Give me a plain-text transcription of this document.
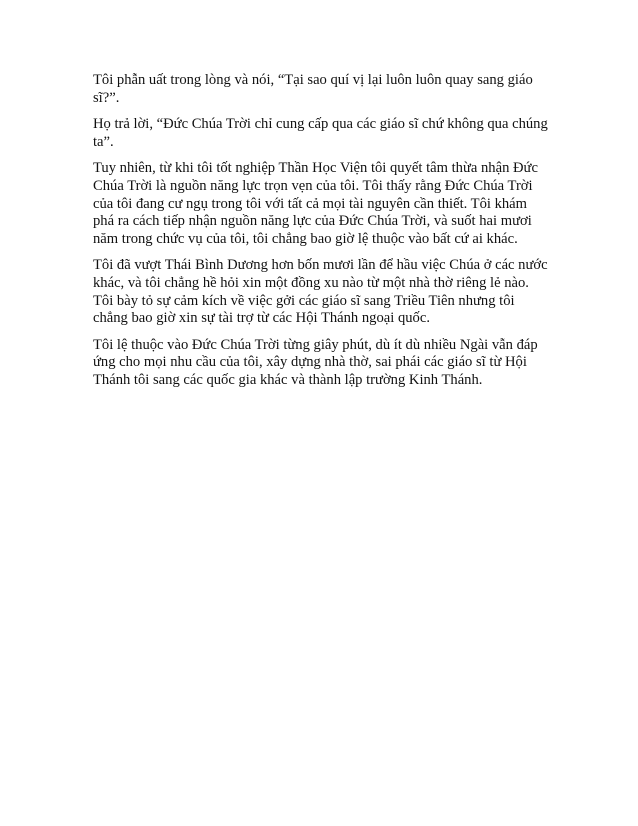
Tôi phẫn uất trong lòng và nói, “Tại sao quí vị lại luôn luôn quay sang giáo sĩ?”.

Họ trả lời, “Đức Chúa Trời chỉ cung cấp qua các giáo sĩ chứ không qua chúng ta”.

Tuy nhiên, từ khi tôi tốt nghiệp Thần Học Viện tôi quyết tâm thừa nhận Đức Chúa Trời là nguồn năng lực trọn vẹn của tôi. Tôi thấy rằng Đức Chúa Trời của tôi đang cư ngụ trong tôi với tất cả mọi tài nguyên cần thiết. Tôi khám phá ra cách tiếp nhận nguồn năng lực của Đức Chúa Trời, và suốt hai mươi năm trong chức vụ của tôi, tôi chẳng bao giờ lệ thuộc vào bất cứ ai khác.

Tôi đã vượt Thái Bình Dương hơn bốn mươi lần để hầu việc Chúa ở các nước khác, và tôi chẳng hề hỏi xin một đồng xu nào từ một nhà thờ riêng lẻ nào. Tôi bày tỏ sự cảm kích về việc gởi các giáo sĩ sang Triều Tiên nhưng tôi chẳng bao giờ xin sự tài trợ từ các Hội Thánh ngoại quốc.

Tôi lệ thuộc vào Đức Chúa Trời từng giây phút, dù ít dù nhiều Ngài vẫn đáp ứng cho mọi nhu cầu của tôi, xây dựng nhà thờ, sai phái các giáo sĩ từ Hội Thánh tôi sang các quốc gia khác và thành lập trường Kinh Thánh.
